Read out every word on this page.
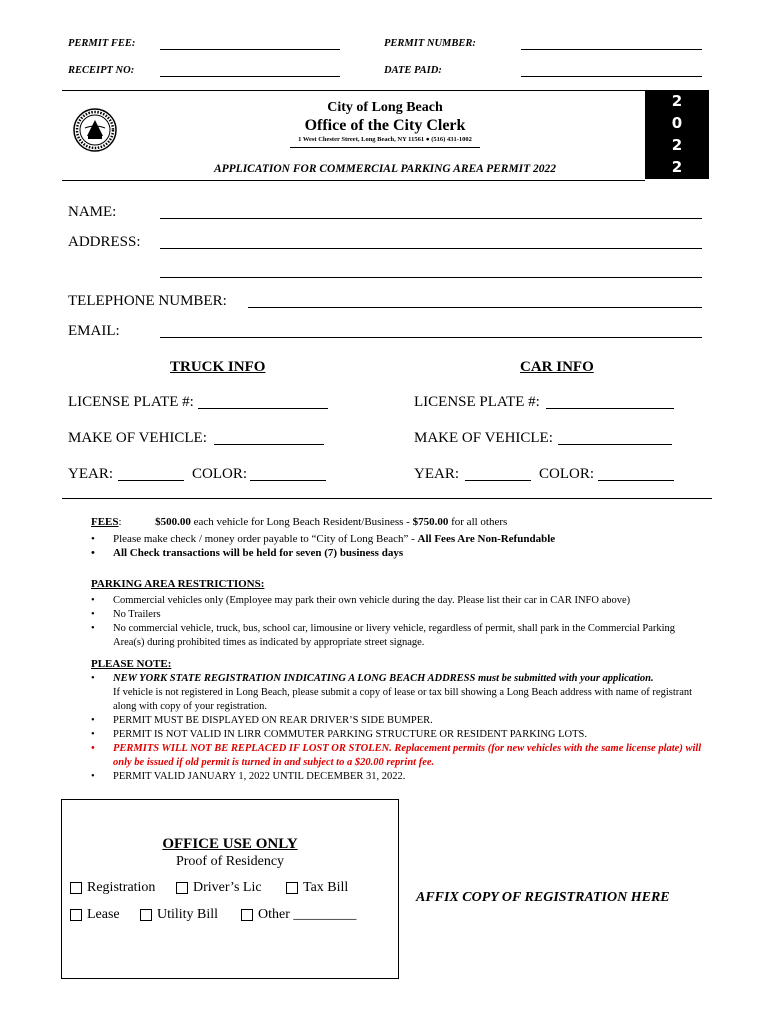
PERMIT FEE:	PERMIT NUMBER:
RECEIPT NO:	DATE PAID:
City of Long Beach
Office of the City Clerk
1 West Chester Street, Long Beach, NY 11561 ● (516) 431-1002
APPLICATION FOR COMMERCIAL PARKING AREA PERMIT 2022
2
0
2
2
NAME:
ADDRESS:
TELEPHONE NUMBER:
EMAIL:
TRUCK INFO	CAR INFO
LICENSE PLATE #:	LICENSE PLATE #:
MAKE OF VEHICLE:	MAKE OF VEHICLE:
YEAR:	COLOR:	YEAR:	COLOR:
FEES:	$500.00 each vehicle for Long Beach Resident/Business - $750.00 for all others
• Please make check / money order payable to “City of Long Beach” - All Fees Are Non-Refundable
• All Check transactions will be held for seven (7) business days
PARKING AREA RESTRICTIONS:
• Commercial vehicles only (Employee may park their own vehicle during the day. Please list their car in CAR INFO above)
• No Trailers
• No commercial vehicle, truck, bus, school car, limousine or livery vehicle, regardless of permit, shall park in the Commercial Parking Area(s) during prohibited times as indicated by appropriate street signage.
PLEASE NOTE:
• NEW YORK STATE REGISTRATION INDICATING A LONG BEACH ADDRESS must be submitted with your application.
If vehicle is not registered in Long Beach, please submit a copy of lease or tax bill showing a Long Beach address with name of registrant along with copy of your registration.
• PERMIT MUST BE DISPLAYED ON REAR DRIVER’S SIDE BUMPER.
• PERMIT IS NOT VALID IN LIRR COMMUTER PARKING STRUCTURE OR RESIDENT PARKING LOTS.
• PERMITS WILL NOT BE REPLACED IF LOST OR STOLEN. Replacement permits (for new vehicles with the same license plate) will only be issued if old permit is turned in and subject to a $20.00 reprint fee.
• PERMIT VALID JANUARY 1, 2022 UNTIL DECEMBER 31, 2022.
OFFICE USE ONLY
Proof of Residency
Registration	Driver’s Lic	Tax Bill
Lease	Utility Bill	Other _________
AFFIX COPY OF REGISTRATION HERE
